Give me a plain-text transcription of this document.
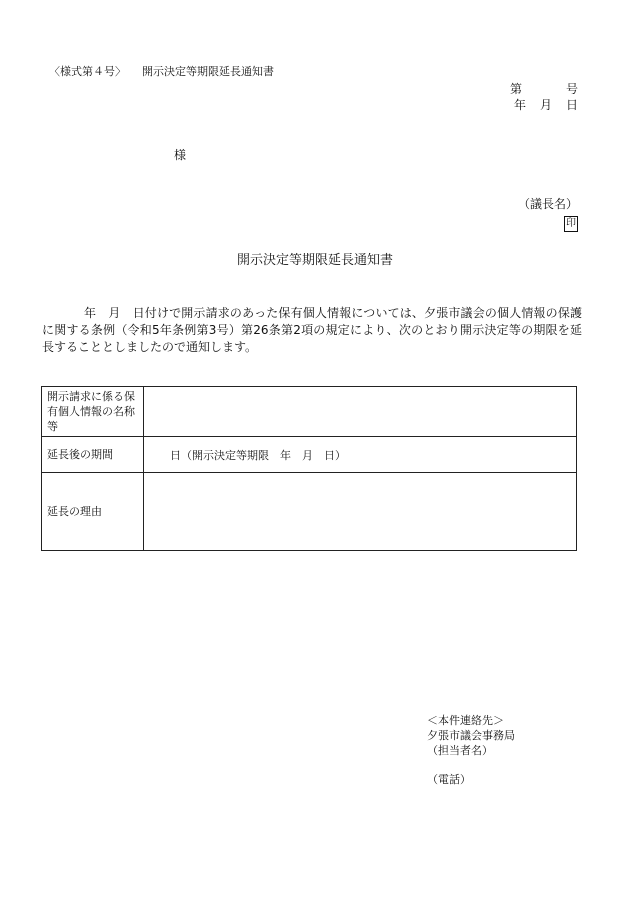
〈様式第４号〉 開示決定等期限延長通知書
第	号
年 月 日
様
（議長名）
印
開示決定等期限延長通知書
年　月　日付けで開示請求のあった保有個人情報については、夕張市議会の個人情報の保護に関する条例（令和5年条例第3号）第26条第2項の規定により、次のとおり開示決定等の期限を延長することとしましたので通知します。
開示請求に係る保有個人情報の名称等	
延長後の期間	日（開示決定等期限　年　月　日）
延長の理由	
＜本件連絡先＞
夕張市議会事務局
（担当者名）
（電話）
